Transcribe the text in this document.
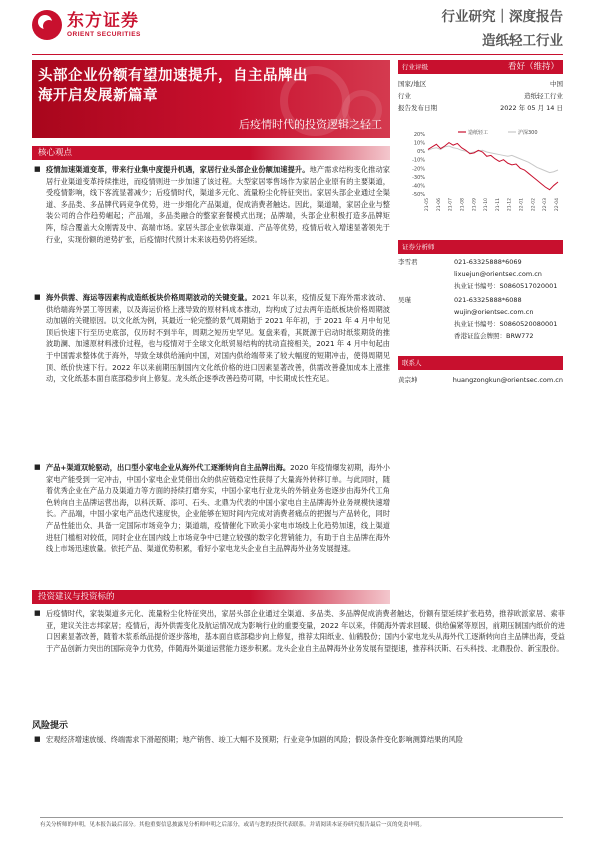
东方证券
ORIENT SECURITIES
行业研究｜深度报告
造纸轻工行业
头部企业份额有望加速提升，自主品牌出
海开启发展新篇章
后疫情时代的投资逻辑之轻工
行业评级	看好（维持）
国家/地区	中国
行业	造纸轻工行业
报告发布日期	2022 年 05 月 14 日
20%
10%
0%
-10%
-20%
-30%
-40%
-50%
21-05 21-06 21-07 21-08 21-09 21-10 21-11 21-12 22-01 22-02 22-03 22-04
造纸轻工	沪深300
证券分析师
李雪君	021-63325888*6069
lixuejun@orientsec.com.cn
执业证书编号：S0860517020001
吴瑾	021-63325888*6088
wujin@orientsec.com.cn
执业证书编号：S0860520080001
香港证监会牌照：BRW772
联系人
黄宗坤	huangzongkun@orientsec.com.cn
核心观点
■ 疫情加速渠道变革，带来行业集中度提升机遇，家居行业头部企业份额加速提升。地产需求结构变化推动家居行业渠道变革持续推进，而疫情则进一步加速了该过程。大型家居零售场作为家居企业原有的主要渠道，受疫情影响，线下客流显著减少；后疫情时代，渠道多元化、流量粉尘化特征突出。家居头部企业通过全渠道、多品类、多品牌代码竞争优势，进一步细化产品渠道，促成消费者触达。因此，渠道端，家居企业与整装公司的合作趋势崛起；产品端，多品类融合的整家套餐模式出现；品牌端，头部企业积极打造多品牌矩阵，综合覆盖大众刚需及中、高端市场。家居头部企业依靠渠道、产品等优势，疫情后收入增速显著领先于行业，实现份额的逆势扩张，后疫情时代预计未来该趋势仍将延续。
■ 海外供需、海运等因素构成造纸板块价格周期波动的关键变量。2021 年以来，疫情反复下海外需求波动、供给端海外罢工等因素，以及海运价格上涨导致的原材料成本推动，均构成了过去两年造纸板块价格周期波动加剧的关键原因。以文化纸为例，其最近一轮完整的景气周期始于 2021 年年初，于 2021 年 4 月中旬见顶后快速下行至历史底部，仅历时不到半年，周期之短历史罕见。复盘来看，其既源于启动时纸浆期货的推波助澜、加速原材料涨价过程，也与疫情对于全球文化纸贸易结构的扰动直接相关，2021 年 4 月中旬起由于中国需求整体优于海外，导致全球供给涌向中国，对国内供给端带来了较大幅度的短期冲击，使得周期见顶、纸价快速下行。2022 年以来前期压制国内文化纸价格的进口因素显著改善，供需改善叠加成本上涨推动，文化纸基本面自底部稳步向上修复。龙头纸企逐季改善趋势可期，中长期成长性充足。
■ 产品+渠道双轮驱动，出口型小家电企业从海外代工逐渐转向自主品牌出海。2020 年疫情爆发初期，海外小家电产能受到一定冲击，中国小家电企业凭借出众的供应链稳定性获得了大量海外转移订单。与此同时，随着优秀企业在产品力及渠道力等方面的持续打磨夯实，中国小家电行业龙头的外销业务也逐步由海外代工角色转向自主品牌运营出海，以科沃斯、添可、石头、北鼎为代表的中国小家电自主品牌海外业务规模快速增长。产品端，中国小家电产品迭代速度快，企业能够在短时间内完成对消费者痛点的把握与产品转化，同时产品性能出众、具备一定国际市场竞争力；渠道端，疫情催化下欧美小家电市场线上化趋势加速，线上渠道进驻门槛相对较低，同时企业在国内线上市场竞争中已建立较强的数字化营销能力，有助于自主品牌在海外线上市场迅速放量。依托产品、渠道优势积累，看好小家电龙头企业自主品牌海外业务发展提速。
投资建议与投资标的
■ 后疫情时代，家装渠道多元化、流量粉尘化特征突出，家居头部企业通过全渠道、多品类、多品牌促成消费者触达，份额有望延续扩张趋势，推荐欧派家居、索菲亚，建议关注志邦家居；疫情后，海外供需变化及航运情况成为影响行业的重要变量，2022 年以来，伴随海外需求回暖、供给偏紧等原因，前期压制国内纸价的进口因素显著改善，随着木浆系纸品提价逐步落地，基本面自底部稳步向上修复，推荐太阳纸业、仙鹤股份；国内小家电龙头从海外代工逐渐转向自主品牌出海，受益于产品创新力突出的国际竞争力优势，伴随海外渠道运营能力逐步积累。龙头企业自主品牌海外业务发展有望提速，推荐科沃斯、石头科技、北鼎股份、新宝股份。
风险提示
■ 宏观经济增速放缓、终端需求下滑超预期；地产销售、竣工大幅不及预期；行业竞争加剧的风险；假设条件变化影响测算结果的风险
有关分析师的申明，见本报告最后部分。其他重要信息披露见分析师申明之后部分，或请与您的投资代表联系。并请阅读本证券研究报告最后一页的免责申明。
